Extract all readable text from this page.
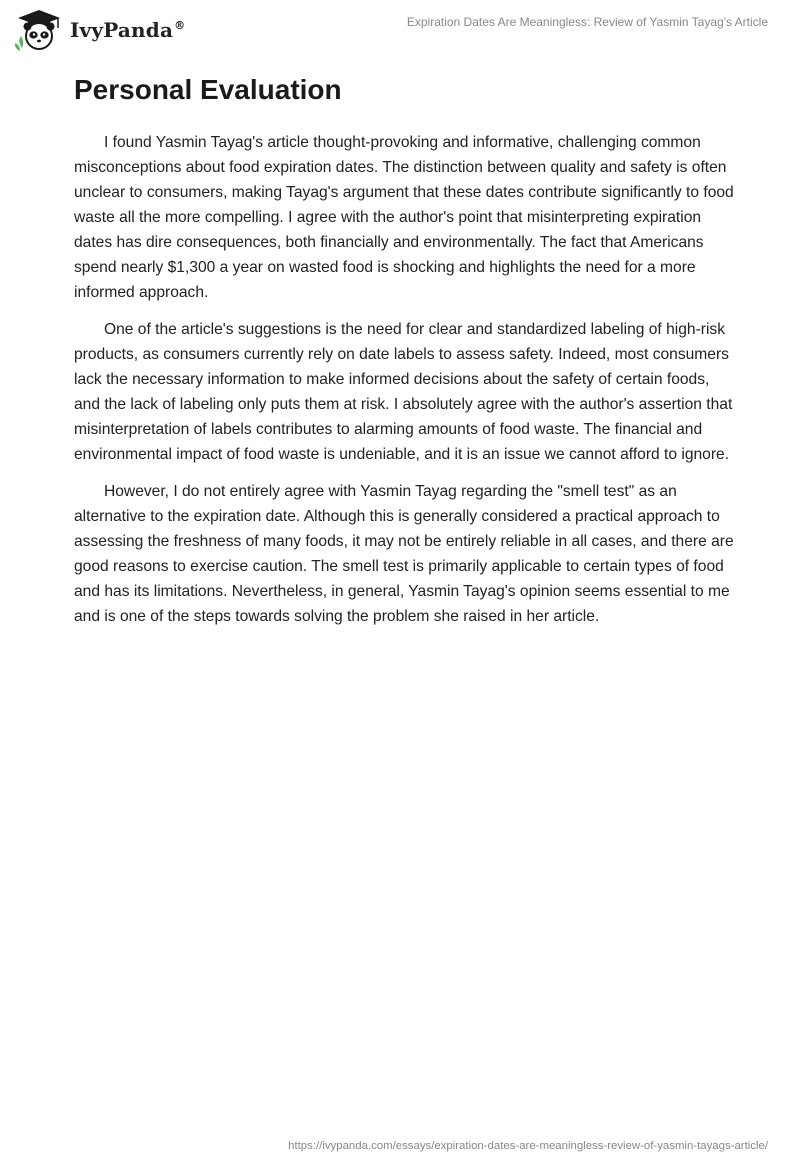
IvyPanda®	Expiration Dates Are Meaningless: Review of Yasmin Tayag's Article
Personal Evaluation

I found Yasmin Tayag's article thought-provoking and informative, challenging common misconceptions about food expiration dates. The distinction between quality and safety is often unclear to consumers, making Tayag's argument that these dates contribute significantly to food waste all the more compelling. I agree with the author's point that misinterpreting expiration dates has dire consequences, both financially and environmentally. The fact that Americans spend nearly $1,300 a year on wasted food is shocking and highlights the need for a more informed approach.

One of the article's suggestions is the need for clear and standardized labeling of high-risk products, as consumers currently rely on date labels to assess safety. Indeed, most consumers lack the necessary information to make informed decisions about the safety of certain foods, and the lack of labeling only puts them at risk. I absolutely agree with the author's assertion that misinterpretation of labels contributes to alarming amounts of food waste. The financial and environmental impact of food waste is undeniable, and it is an issue we cannot afford to ignore.

However, I do not entirely agree with Yasmin Tayag regarding the "smell test" as an alternative to the expiration date. Although this is generally considered a practical approach to assessing the freshness of many foods, it may not be entirely reliable in all cases, and there are good reasons to exercise caution. The smell test is primarily applicable to certain types of food and has its limitations. Nevertheless, in general, Yasmin Tayag's opinion seems essential to me and is one of the steps towards solving the problem she raised in her article.

https://ivypanda.com/essays/expiration-dates-are-meaningless-review-of-yasmin-tayags-article/
